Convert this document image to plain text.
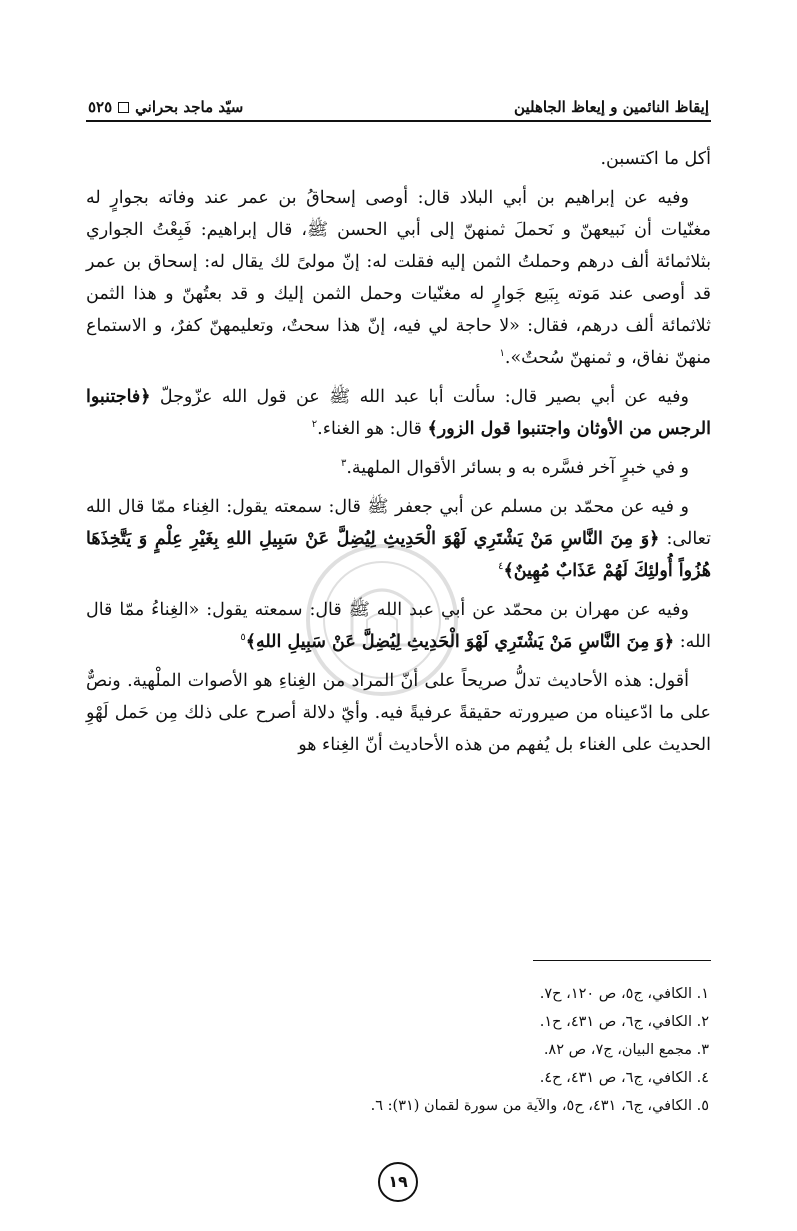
إيقاظ النائمين و إيعاظ الجاهلين
سيّد ماجد بحراني
٥٢٥

أكل ما اكتسبن.

وفيه عن إبراهيم بن أبي البلاد قال: أوصى إسحاقُ بن عمر عند وفاته بجوارٍ له مغنّيات أن نَبيعهنّ و نَحملَ ثمنهنّ إلى أبي الحسن ﷺ، قال إبراهيم: فَبِعْتُ الجواري بثلاثمائة ألف درهم وحملتُ الثمن إليه فقلت له: إنّ مولىً لك يقال له: إسحاق بن عمر قد أوصى عند مَوته بِبَيع جَوارٍ له مغنّيات وحمل الثمن إليك و قد بعتُهنّ و هذا الثمن ثلاثمائة ألف درهم، فقال: «لا حاجة لي فيه، إنّ هذا سحتٌ، وتعليمهنّ كفرٌ، و الاستماع منهنّ نفاق، و ثمنهنّ سُحتٌ».$^١$

وفيه عن أبي بصير قال: سألت أبا عبد الله ﷺ عن قول الله عزّوجلّ ﴿فاجتنبوا الرجس من الأوثان واجتنبوا قول الزور﴾ قال: هو الغناء.$^٢$

و في خبرٍ آخر فسَّره به و بسائر الأقوال الملهية.$^٣$

و فيه عن محمّد بن مسلم عن أبي جعفر ﷺ قال: سمعته يقول: الغِناء ممّا قال الله تعالى: ﴿وَ مِنَ النَّاسِ مَنْ يَشْتَرِي لَهْوَ الْحَدِيثِ لِيُضِلَّ عَنْ سَبِيلِ اللهِ بِغَيْرِ عِلْمٍ وَ يَتَّخِذَهَا هُزُواً أُولئِكَ لَهُمْ عَذَابٌ مُهِينٌ﴾$^٤$

وفيه عن مهران بن محمّد عن أبي عبد الله ﷺ قال: سمعته يقول: «الغِناءُ ممّا قال الله: ﴿وَ مِنَ النَّاسِ مَنْ يَشْتَرِي لَهْوَ الْحَدِيثِ لِيُضِلَّ عَنْ سَبِيلِ اللهِ﴾$^٥$

أقول: هذه الأحاديث تدلُّ صريحاً على أنّ المراد من الغِناءِ هو الأصوات الملْهية. ونصٌّ على ما ادّعيناه من صيرورته حقيقةً عرفيةً فيه. وأيّ دلالة أصرح على ذلك مِن حَمل لَهْوِ الحديث على الغناء بل يُفهم من هذه الأحاديث أنّ الغِناء هو

١. الكافي، ج٥، ص ١٢٠، ح٧.
٢. الكافي، ج٦، ص ٤٣١، ح١.
٣. مجمع البيان، ج٧، ص ٨٢.
٤. الكافي، ج٦، ص ٤٣١، ح٤.
٥. الكافي، ج٦، ٤٣١، ح٥، والآية من سورة لقمان (٣١): ٦.
١٩
